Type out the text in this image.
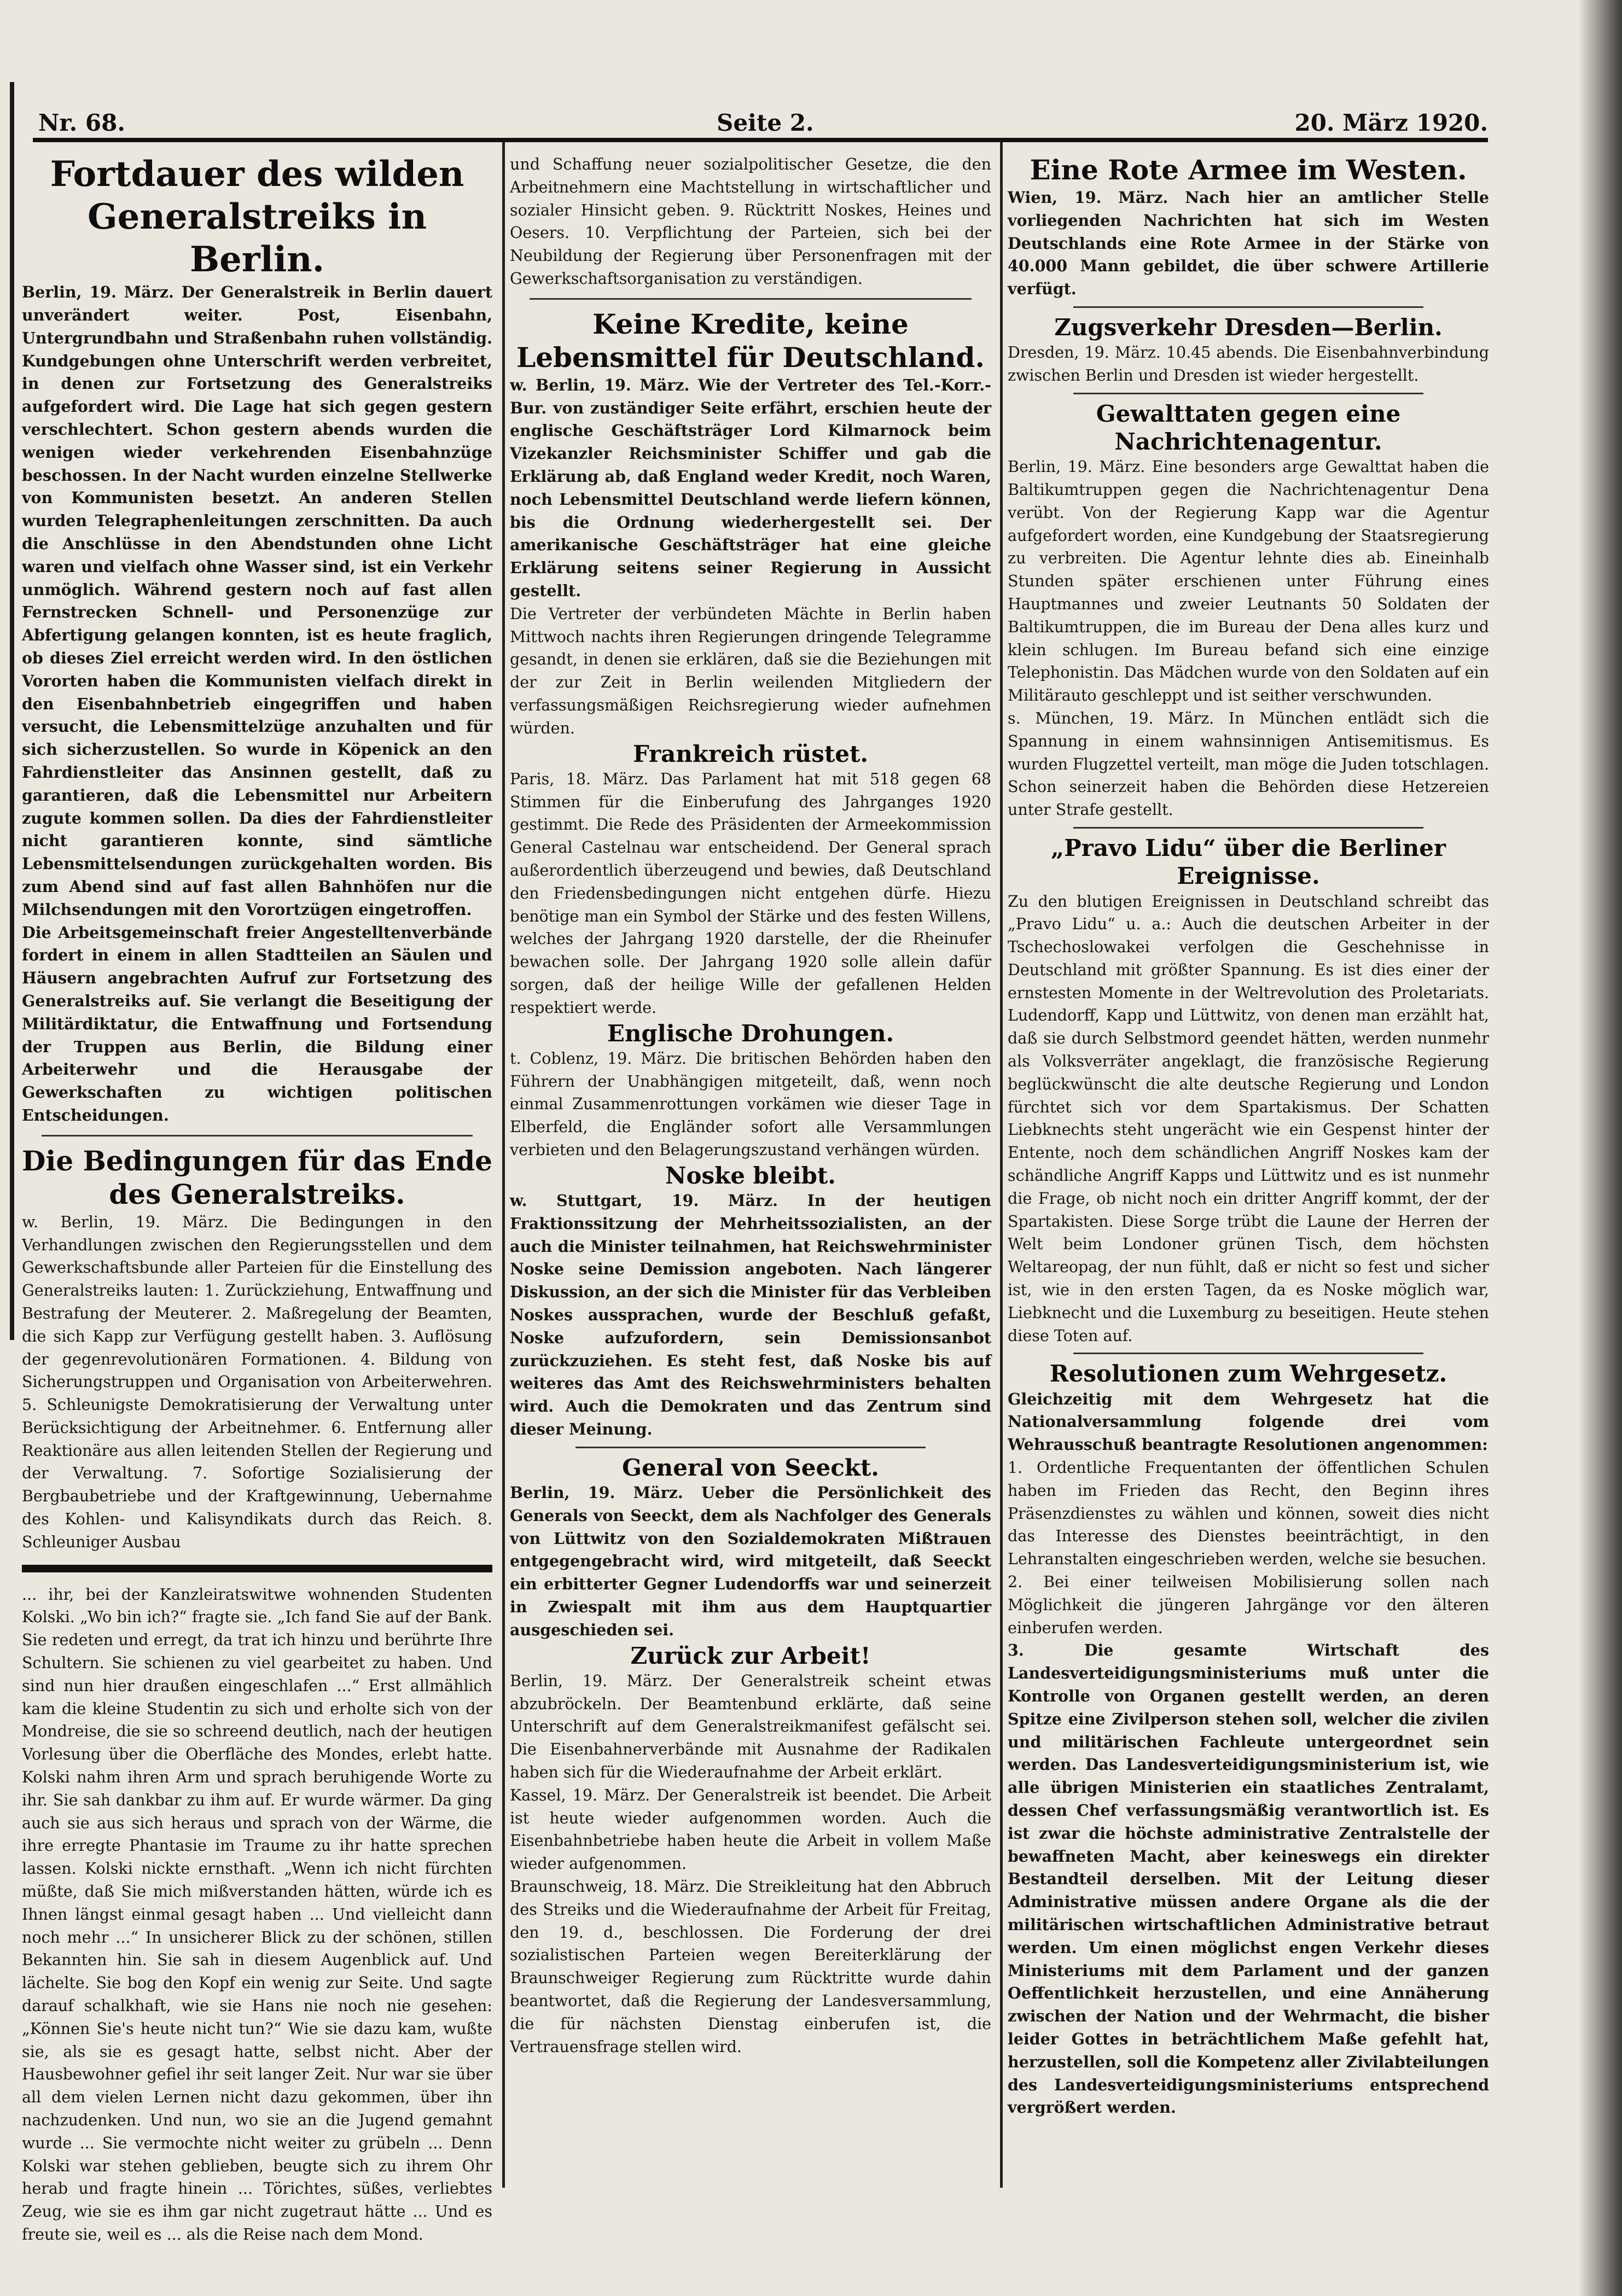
Nr. 68.	Seite 2.	20. März 1920.
Fortdauer des wilden Generalstreiks in Berlin.

Berlin, 19. März. Der Generalstreik in Berlin dauert unverändert weiter. Post, Eisenbahn, Untergrundbahn und Straßenbahn ruhen vollständig. Kundgebungen ohne Unterschrift werden verbreitet, in denen zur Fortsetzung des Generalstreiks aufgefordert wird. Die Lage hat sich gegen gestern verschlechtert. Schon gestern abends wurden die wenigen wieder verkehrenden Eisenbahnzüge beschossen. In der Nacht wurden einzelne Stellwerke von Kommunisten besetzt. An anderen Stellen wurden Telegraphenleitungen zerschnitten. Da auch die Anschlüsse in den Abendstunden ohne Licht waren und vielfach ohne Wasser sind, ist ein Verkehr unmöglich. Während gestern noch auf fast allen Fernstrecken Schnell- und Personenzüge zur Abfertigung gelangen konnten, ist es heute fraglich, ob dieses Ziel erreicht werden wird. In den östlichen Vororten haben die Kommunisten vielfach direkt in den Eisenbahnbetrieb eingegriffen und haben versucht, die Lebensmittelzüge anzuhalten und für sich sicherzustellen. So wurde in Köpenick an den Fahrdienstleiter das Ansinnen gestellt, daß zu garantieren, daß die Lebensmittel nur Arbeitern zugute kommen sollen. Da dies der Fahrdienstleiter nicht garantieren konnte, sind sämtliche Lebensmittelsendungen zurückgehalten worden. Bis zum Abend sind auf fast allen Bahnhöfen nur die Milchsendungen mit den Vorortzügen eingetroffen.

Die Arbeitsgemeinschaft freier Angestelltenverbände fordert in einem in allen Stadtteilen an Säulen und Häusern angebrachten Aufruf zur Fortsetzung des Generalstreiks auf. Sie verlangt die Beseitigung der Militärdiktatur, die Entwaffnung und Fortsendung der Truppen aus Berlin, die Bildung einer Arbeiterwehr und die Herausgabe der Gewerkschaften zu wichtigen politischen Entscheidungen.

Die Bedingungen für das Ende des Generalstreiks.

w. Berlin, 19. März. Die Bedingungen in den Verhandlungen zwischen den Regierungsstellen und dem Gewerkschaftsbunde aller Parteien für die Einstellung des Generalstreiks lauten: 1. Zurückziehung, Entwaffnung und Bestrafung der Meuterer. 2. Maßregelung der Beamten, die sich Kapp zur Verfügung gestellt haben. 3. Auflösung der gegenrevolutionären Formationen. 4. Bildung von Sicherungstruppen und Organisation von Arbeiterwehren. 5. Schleunigste Demokratisierung der Verwaltung unter Berücksichtigung der Arbeitnehmer. 6. Entfernung aller Reaktionäre aus allen leitenden Stellen der Regierung und der Verwaltung. 7. Sofortige Sozialisierung der Bergbaubetriebe und der Kraftgewinnung, Uebernahme des Kohlen- und Kalisyndikats durch das Reich. 8. Schleuniger Ausbau

... ihr, bei der Kanzleiratswitwe wohnenden Studenten Kolski. „Wo bin ich?“ fragte sie. „Ich fand Sie auf der Bank. Sie redeten und erregt, da trat ich hinzu und berührte Ihre Schultern. Sie schienen zu viel gearbeitet zu haben. Und sind nun hier draußen eingeschlafen ...“ Erst allmählich kam die kleine Studentin zu sich und erholte sich von der Mondreise, die sie so schreend deutlich, nach der heutigen Vorlesung über die Oberfläche des Mondes, erlebt hatte. Kolski nahm ihren Arm und sprach beruhigende Worte zu ihr. Sie sah dankbar zu ihm auf. Er wurde wärmer. Da ging auch sie aus sich heraus und sprach von der Wärme, die ihre erregte Phantasie im Traume zu ihr hatte sprechen lassen. Kolski nickte ernsthaft. „Wenn ich nicht fürchten müßte, daß Sie mich mißverstanden hätten, würde ich es Ihnen längst einmal gesagt haben ... Und vielleicht dann noch mehr ...“ In unsicherer Blick zu der schönen, stillen Bekannten hin. Sie sah in diesem Augenblick auf. Und lächelte. Sie bog den Kopf ein wenig zur Seite. Und sagte darauf schalkhaft, wie sie Hans nie noch nie gesehen: „Können Sie's heute nicht tun?“ Wie sie dazu kam, wußte sie, als sie es gesagt hatte, selbst nicht. Aber der Hausbewohner gefiel ihr seit langer Zeit. Nur war sie über all dem vielen Lernen nicht dazu gekommen, über ihn nachzudenken. Und nun, wo sie an die Jugend gemahnt wurde ... Sie vermochte nicht weiter zu grübeln ... Denn Kolski war stehen geblieben, beugte sich zu ihrem Ohr herab und fragte hinein ... Törichtes, süßes, verliebtes Zeug, wie sie es ihm gar nicht zugetraut hätte ... Und es freute sie, weil es ... als die Reise nach dem Mond.

und Schaffung neuer sozialpolitischer Gesetze, die den Arbeitnehmern eine Machtstellung in wirtschaftlicher und sozialer Hinsicht geben. 9. Rücktritt Noskes, Heines und Oesers. 10. Verpflichtung der Parteien, sich bei der Neubildung der Regierung über Personenfragen mit der Gewerkschaftsorganisation zu verständigen.

Keine Kredite, keine Lebensmittel für Deutschland.

w. Berlin, 19. März. Wie der Vertreter des Tel.-Korr.-Bur. von zuständiger Seite erfährt, erschien heute der englische Geschäftsträger Lord Kilmarnock beim Vizekanzler Reichsminister Schiffer und gab die Erklärung ab, daß England weder Kredit, noch Waren, noch Lebensmittel Deutschland werde liefern können, bis die Ordnung wiederhergestellt sei. Der amerikanische Geschäftsträger hat eine gleiche Erklärung seitens seiner Regierung in Aussicht gestellt.

Die Vertreter der verbündeten Mächte in Berlin haben Mittwoch nachts ihren Regierungen dringende Telegramme gesandt, in denen sie erklären, daß sie die Beziehungen mit der zur Zeit in Berlin weilenden Mitgliedern der verfassungsmäßigen Reichsregierung wieder aufnehmen würden.

Frankreich rüstet.

Paris, 18. März. Das Parlament hat mit 518 gegen 68 Stimmen für die Einberufung des Jahrganges 1920 gestimmt. Die Rede des Präsidenten der Armeekommission General Castelnau war entscheidend. Der General sprach außerordentlich überzeugend und bewies, daß Deutschland den Friedensbedingungen nicht entgehen dürfe. Hiezu benötige man ein Symbol der Stärke und des festen Willens, welches der Jahrgang 1920 darstelle, der die Rheinufer bewachen solle. Der Jahrgang 1920 solle allein dafür sorgen, daß der heilige Wille der gefallenen Helden respektiert werde.

Englische Drohungen.

t. Coblenz, 19. März. Die britischen Behörden haben den Führern der Unabhängigen mitgeteilt, daß, wenn noch einmal Zusammenrottungen vorkämen wie dieser Tage in Elberfeld, die Engländer sofort alle Versammlungen verbieten und den Belagerungszustand verhängen würden.

Noske bleibt.

w. Stuttgart, 19. März. In der heutigen Fraktionssitzung der Mehrheitssozialisten, an der auch die Minister teilnahmen, hat Reichswehrminister Noske seine Demission angeboten. Nach längerer Diskussion, an der sich die Minister für das Verbleiben Noskes aussprachen, wurde der Beschluß gefaßt, Noske aufzufordern, sein Demissionsanbot zurückzuziehen. Es steht fest, daß Noske bis auf weiteres das Amt des Reichswehrministers behalten wird. Auch die Demokraten und das Zentrum sind dieser Meinung.

General von Seeckt.

Berlin, 19. März. Ueber die Persönlichkeit des Generals von Seeckt, dem als Nachfolger des Generals von Lüttwitz von den Sozialdemokraten Mißtrauen entgegengebracht wird, wird mitgeteilt, daß Seeckt ein erbitterter Gegner Ludendorffs war und seinerzeit in Zwiespalt mit ihm aus dem Hauptquartier ausgeschieden sei.

Zurück zur Arbeit!

Berlin, 19. März. Der Generalstreik scheint etwas abzubröckeln. Der Beamtenbund erklärte, daß seine Unterschrift auf dem Generalstreikmanifest gefälscht sei. Die Eisenbahnerverbände mit Ausnahme der Radikalen haben sich für die Wiederaufnahme der Arbeit erklärt.

Kassel, 19. März. Der Generalstreik ist beendet. Die Arbeit ist heute wieder aufgenommen worden. Auch die Eisenbahnbetriebe haben heute die Arbeit in vollem Maße wieder aufgenommen.

Braunschweig, 18. März. Die Streikleitung hat den Abbruch des Streiks und die Wiederaufnahme der Arbeit für Freitag, den 19. d., beschlossen. Die Forderung der drei sozialistischen Parteien wegen Bereiterklärung der Braunschweiger Regierung zum Rücktritte wurde dahin beantwortet, daß die Regierung der Landesversammlung, die für nächsten Dienstag einberufen ist, die Vertrauensfrage stellen wird.

Eine Rote Armee im Westen.

Wien, 19. März. Nach hier an amtlicher Stelle vorliegenden Nachrichten hat sich im Westen Deutschlands eine Rote Armee in der Stärke von 40.000 Mann gebildet, die über schwere Artillerie verfügt.

Zugsverkehr Dresden—Berlin.

Dresden, 19. März. 10.45 abends. Die Eisenbahnverbindung zwischen Berlin und Dresden ist wieder hergestellt.

Gewalttaten gegen eine Nachrichtenagentur.

Berlin, 19. März. Eine besonders arge Gewalttat haben die Baltikumtruppen gegen die Nachrichtenagentur Dena verübt. Von der Regierung Kapp war die Agentur aufgefordert worden, eine Kundgebung der Staatsregierung zu verbreiten. Die Agentur lehnte dies ab. Eineinhalb Stunden später erschienen unter Führung eines Hauptmannes und zweier Leutnants 50 Soldaten der Baltikumtruppen, die im Bureau der Dena alles kurz und klein schlugen. Im Bureau befand sich eine einzige Telephonistin. Das Mädchen wurde von den Soldaten auf ein Militärauto geschleppt und ist seither verschwunden.

s. München, 19. März. In München entlädt sich die Spannung in einem wahnsinnigen Antisemitismus. Es wurden Flugzettel verteilt, man möge die Juden totschlagen. Schon seinerzeit haben die Behörden diese Hetzereien unter Strafe gestellt.

„Pravo Lidu“ über die Berliner Ereignisse.

Zu den blutigen Ereignissen in Deutschland schreibt das „Pravo Lidu“ u. a.: Auch die deutschen Arbeiter in der Tschechoslowakei verfolgen die Geschehnisse in Deutschland mit größter Spannung. Es ist dies einer der ernstesten Momente in der Weltrevolution des Proletariats. Ludendorff, Kapp und Lüttwitz, von denen man erzählt hat, daß sie durch Selbstmord geendet hätten, werden nunmehr als Volksverräter angeklagt, die französische Regierung beglückwünscht die alte deutsche Regierung und London fürchtet sich vor dem Spartakismus. Der Schatten Liebknechts steht ungerächt wie ein Gespenst hinter der Entente, noch dem schändlichen Angriff Noskes kam der schändliche Angriff Kapps und Lüttwitz und es ist nunmehr die Frage, ob nicht noch ein dritter Angriff kommt, der der Spartakisten. Diese Sorge trübt die Laune der Herren der Welt beim Londoner grünen Tisch, dem höchsten Weltareopag, der nun fühlt, daß er nicht so fest und sicher ist, wie in den ersten Tagen, da es Noske möglich war, Liebknecht und die Luxemburg zu beseitigen. Heute stehen diese Toten auf.

Resolutionen zum Wehrgesetz.

Gleichzeitig mit dem Wehrgesetz hat die Nationalversammlung folgende drei vom Wehrausschuß beantragte Resolutionen angenommen:

1. Ordentliche Frequentanten der öffentlichen Schulen haben im Frieden das Recht, den Beginn ihres Präsenzdienstes zu wählen und können, soweit dies nicht das Interesse des Dienstes beeinträchtigt, in den Lehranstalten eingeschrieben werden, welche sie besuchen.

2. Bei einer teilweisen Mobilisierung sollen nach Möglichkeit die jüngeren Jahrgänge vor den älteren einberufen werden.

3. Die gesamte Wirtschaft des Landesverteidigungsministeriums muß unter die Kontrolle von Organen gestellt werden, an deren Spitze eine Zivilperson stehen soll, welcher die zivilen und militärischen Fachleute untergeordnet sein werden. Das Landesverteidigungsministerium ist, wie alle übrigen Ministerien ein staatliches Zentralamt, dessen Chef verfassungsmäßig verantwortlich ist. Es ist zwar die höchste administrative Zentralstelle der bewaffneten Macht, aber keineswegs ein direkter Bestandteil derselben. Mit der Leitung dieser Administrative müssen andere Organe als die der militärischen wirtschaftlichen Administrative betraut werden. Um einen möglichst engen Verkehr dieses Ministeriums mit dem Parlament und der ganzen Oeffentlichkeit herzustellen, und eine Annäherung zwischen der Nation und der Wehrmacht, die bisher leider Gottes in beträchtlichem Maße gefehlt hat, herzustellen, soll die Kompetenz aller Zivilabteilungen des Landesverteidigungsministeriums entsprechend vergrößert werden.
